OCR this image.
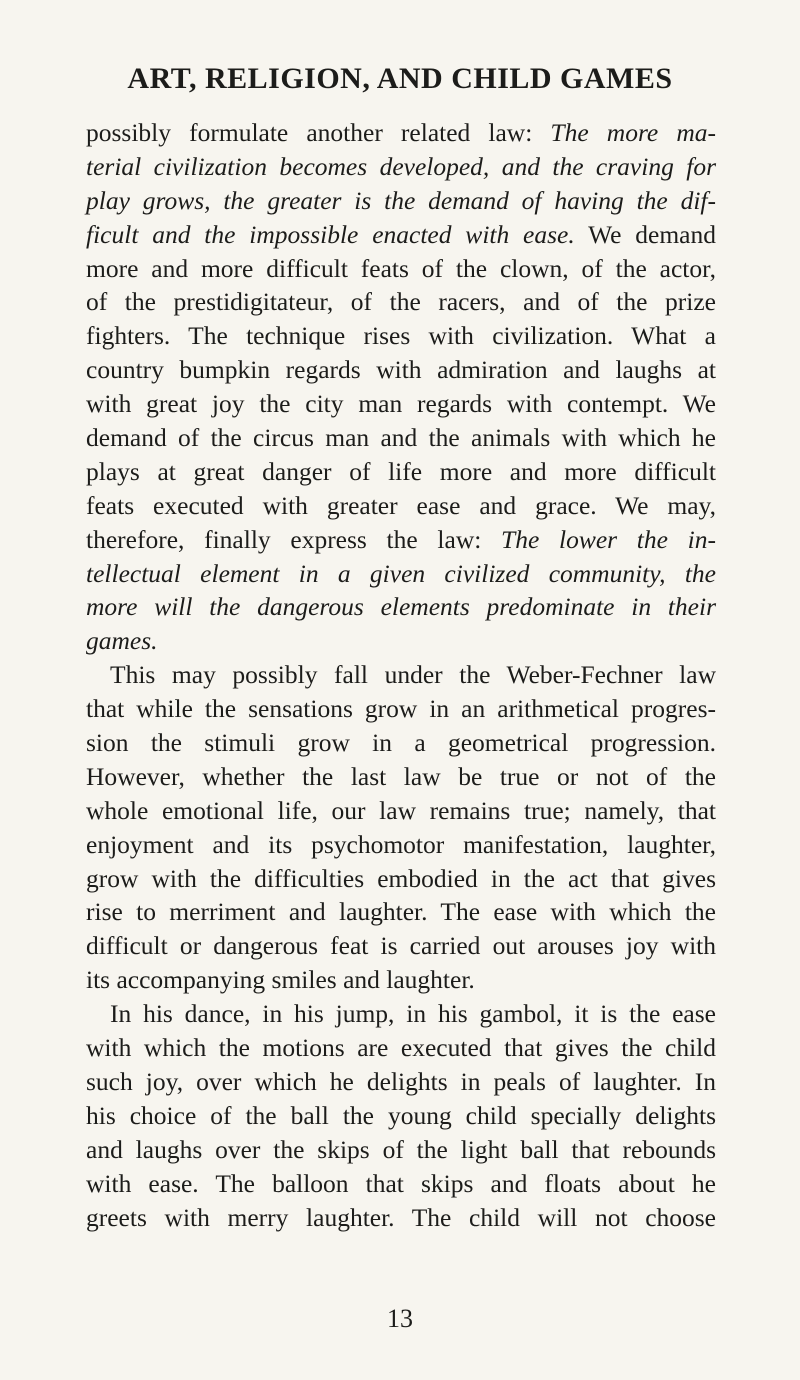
ART, RELIGION, AND CHILD GAMES
possibly formulate another related law: The more ma-
terial civilization becomes developed, and the craving for
play grows, the greater is the demand of having the dif-
ficult and the impossible enacted with ease. We demand
more and more difficult feats of the clown, of the actor,
of the prestidigitateur, of the racers, and of the prize
fighters. The technique rises with civilization. What a
country bumpkin regards with admiration and laughs at
with great joy the city man regards with contempt. We
demand of the circus man and the animals with which he
plays at great danger of life more and more difficult
feats executed with greater ease and grace. We may,
therefore, finally express the law: The lower the in-
tellectual element in a given civilized community, the
more will the dangerous elements predominate in their
games.
This may possibly fall under the Weber-Fechner law
that while the sensations grow in an arithmetical progres-
sion the stimuli grow in a geometrical progression.
However, whether the last law be true or not of the
whole emotional life, our law remains true; namely, that
enjoyment and its psychomotor manifestation, laughter,
grow with the difficulties embodied in the act that gives
rise to merriment and laughter. The ease with which the
difficult or dangerous feat is carried out arouses joy with
its accompanying smiles and laughter.
In his dance, in his jump, in his gambol, it is the ease
with which the motions are executed that gives the child
such joy, over which he delights in peals of laughter. In
his choice of the ball the young child specially delights
and laughs over the skips of the light ball that rebounds
with ease. The balloon that skips and floats about he
greets with merry laughter. The child will not choose
13
